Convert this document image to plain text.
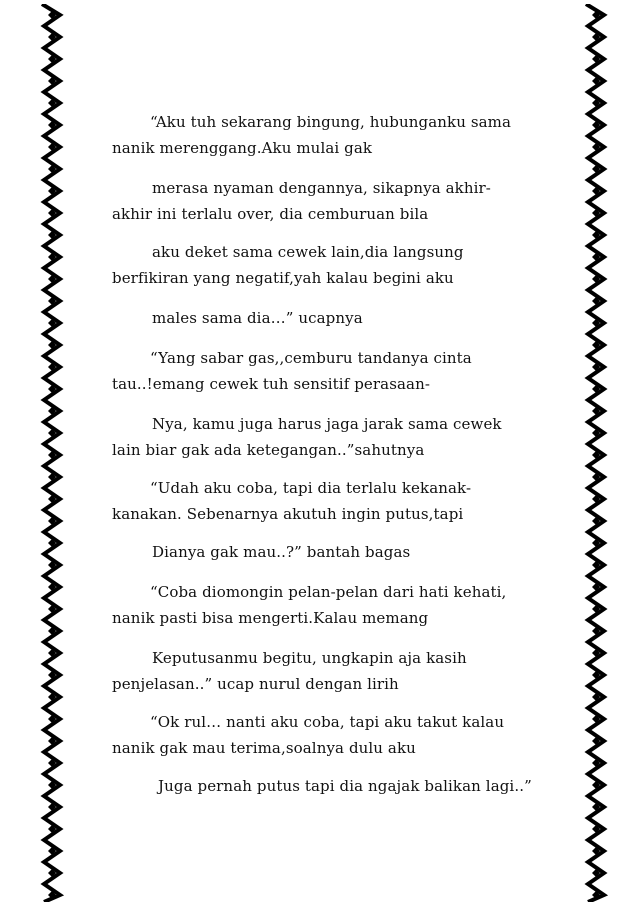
“Aku tuh sekarang bingung, hubunganku sama
nanik merenggang.Aku mulai gak
merasa nyaman dengannya, sikapnya akhir-
akhir ini terlalu over, dia cemburuan bila
aku deket sama cewek lain,dia langsung
berfikiran yang negatif,yah kalau begini aku
males sama dia…” ucapnya
“Yang sabar gas,,cemburu tandanya cinta
tau..!emang cewek tuh sensitif perasaan-
Nya, kamu juga harus jaga jarak sama cewek
lain biar gak ada ketegangan..”sahutnya
“Udah aku coba, tapi dia terlalu kekanak-
kanakan. Sebenarnya akutuh ingin putus,tapi
Dianya gak mau..?” bantah bagas
“Coba diomongin pelan-pelan dari hati kehati,
nanik pasti bisa mengerti.Kalau memang
Keputusanmu begitu, ungkapin aja kasih
penjelasan..” ucap nurul dengan lirih
“Ok rul… nanti aku coba, tapi aku takut kalau
nanik gak mau terima,soalnya dulu aku
Juga pernah putus tapi dia ngajak balikan lagi..”
